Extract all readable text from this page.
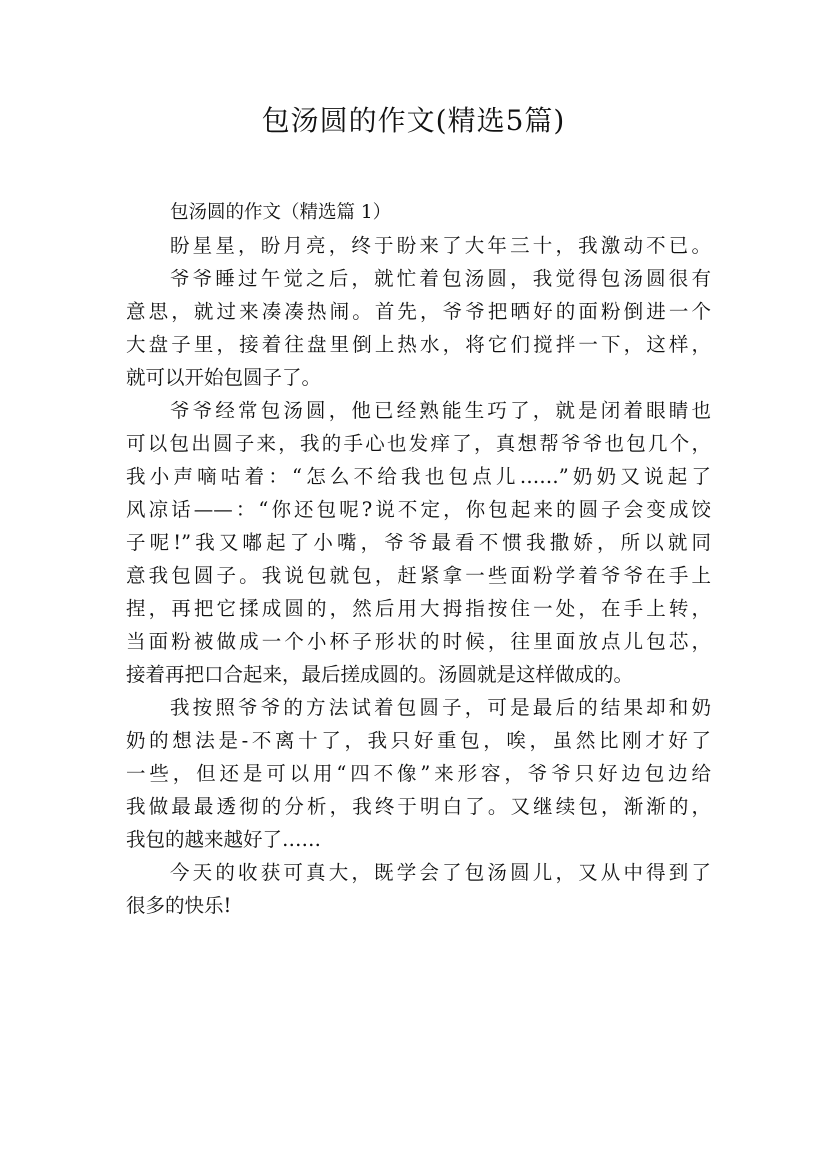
包汤圆的作文(精选5篇)
包汤圆的作文（精选篇 1）
盼星星，盼月亮，终于盼来了大年三十，我激动不已。
爷爷睡过午觉之后，就忙着包汤圆，我觉得包汤圆很有
意思，就过来凑凑热闹。首先，爷爷把晒好的面粉倒进一个
大盘子里，接着往盘里倒上热水，将它们搅拌一下，这样，
就可以开始包圆子了。
爷爷经常包汤圆，他已经熟能生巧了，就是闭着眼睛也
可以包出圆子来，我的手心也发痒了，真想帮爷爷也包几个，
我小声嘀咕着：“怎么不给我也包点儿……”奶奶又说起了
风凉话——：“你还包呢?说不定，你包起来的圆子会变成饺
子呢!”我又嘟起了小嘴，爷爷最看不惯我撒娇，所以就同
意我包圆子。我说包就包，赶紧拿一些面粉学着爷爷在手上
捏，再把它揉成圆的，然后用大拇指按住一处，在手上转，
当面粉被做成一个小杯子形状的时候，往里面放点儿包芯，
接着再把口合起来，最后搓成圆的。汤圆就是这样做成的。
我按照爷爷的方法试着包圆子，可是最后的结果却和奶
奶的想法是-不离十了，我只好重包，唉，虽然比刚才好了
一些，但还是可以用“四不像”来形容，爷爷只好边包边给
我做最最透彻的分析，我终于明白了。又继续包，渐渐的，
我包的越来越好了……
今天的收获可真大，既学会了包汤圆儿，又从中得到了
很多的快乐!
